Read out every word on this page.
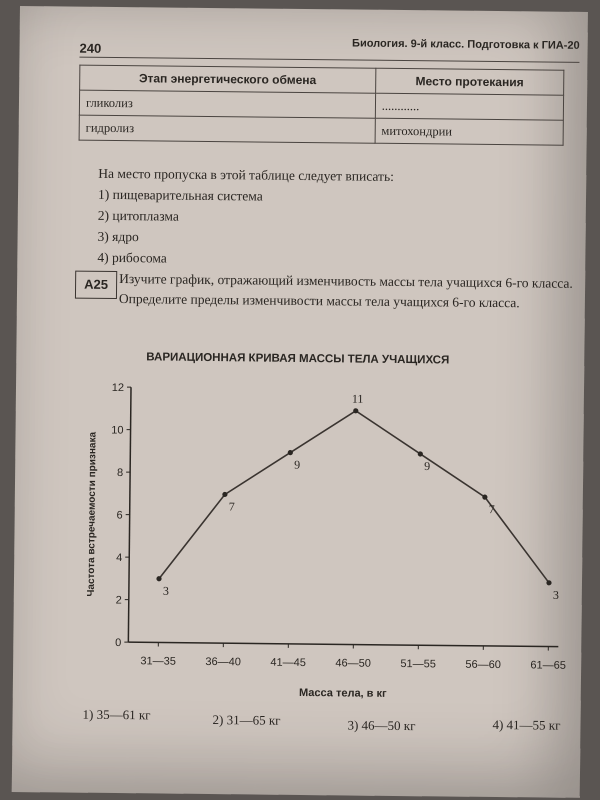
240	Биология. 9-й класс. Подготовка к ГИА-20
Этап энергетического обмена	Место протекания
гликолиз	............
гидролиз	митохондрии
На место пропуска в этой таблице следует вписать:
1) пищеварительная система
2) цитоплазма
3) ядро
4) рибосома
A25 Изучите график, отражающий изменчивость массы тела учащихся 6-го класса. Определите пределы изменчивости массы тела учащихся 6-го класса.
ВАРИАЦИОННАЯ КРИВАЯ МАССЫ ТЕЛА УЧАЩИХСЯ
0
2
4
6
8
10
12
31—35	36—40	41—45	46—50	51—55	56—60	61—65
3
7
9
11
9
7
3
Масса тела, в кг
Частота встречаемости признака
1) 35—61 кг	2) 31—65 кг	3) 46—50 кг	4) 41—55 кг
